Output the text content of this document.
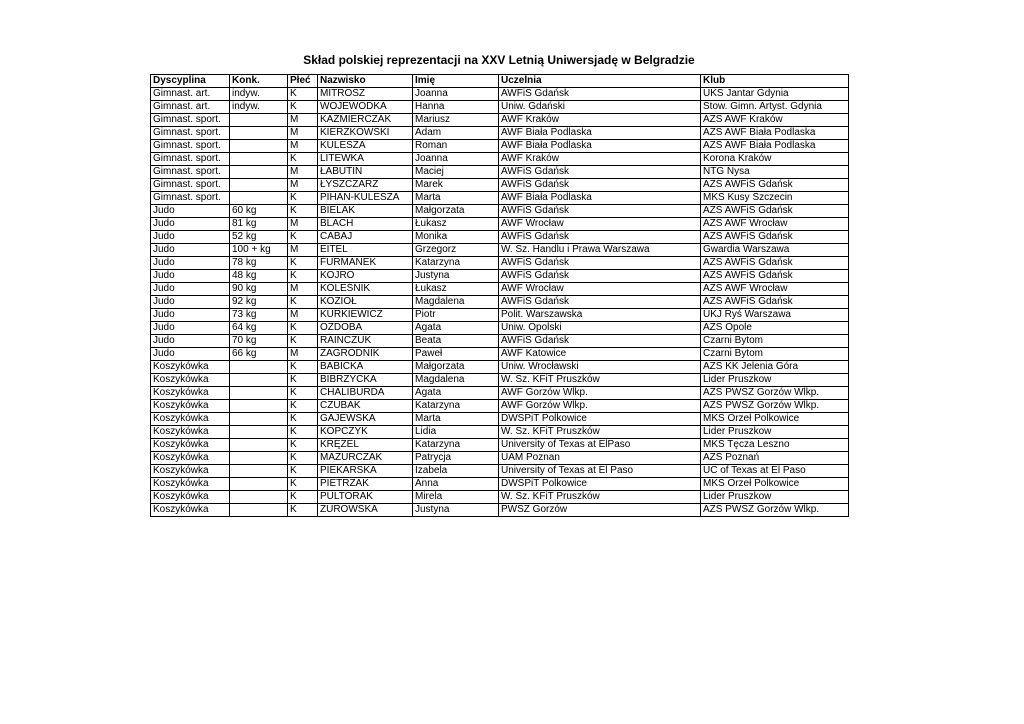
Skład polskiej reprezentacji na XXV Letnią Uniwersjadę w Belgradzie
Dyscyplina	Konk.	Płeć	Nazwisko	Imię	Uczelnia	Klub
Gimnast. art.	indyw.	K	MITROSZ	Joanna	AWFiS Gdańsk	UKS Jantar Gdynia
Gimnast. art.	indyw.	K	WOJEWÓDKA	Hanna	Uniw. Gdański	Stow. Gimn. Artyst. Gdynia
Gimnast. sport.		M	KAŹMIERCZAK	Mariusz	AWF Kraków	AZS AWF Kraków
Gimnast. sport.		M	KIERZKOWSKI	Adam	AWF Biała Podlaska	AZS AWF Biała Podlaska
Gimnast. sport.		M	KULESZA	Roman	AWF Biała Podlaska	AZS AWF Biała Podlaska
Gimnast. sport.		K	LITEWKA	Joanna	AWF Kraków	Korona Kraków
Gimnast. sport.		M	ŁABUTIN	Maciej	AWFiS Gdańsk	NTG Nysa
Gimnast. sport.		M	ŁYSZCZARZ	Marek	AWFiS Gdańsk	AZS AWFiS Gdańsk
Gimnast. sport.		K	PIHAN-KULESZA	Marta	AWF Biała Podlaska	MKS Kusy Szczecin
Judo	60 kg	K	BIELAK	Małgorzata	AWFiS Gdańsk	AZS AWFiS Gdańsk
Judo	81 kg	M	BLACH	Łukasz	AWF Wrocław	AZS AWF Wrocław
Judo	52 kg	K	CABAJ	Monika	AWFiS Gdańsk	AZS AWFiS Gdańsk
Judo	100 + kg	M	EITEL	Grzegorz	W. Sz. Handlu i Prawa Warszawa	Gwardia Warszawa
Judo	78 kg	K	FURMANEK	Katarzyna	AWFiS Gdańsk	AZS AWFiS Gdańsk
Judo	48 kg	K	KOJRO	Justyna	AWFiS Gdańsk	AZS AWFiS Gdańsk
Judo	90 kg	M	KOLEŚNIK	Łukasz	AWF Wrocław	AZS AWF Wrocław
Judo	92 kg	K	KOZIOŁ	Magdalena	AWFiS Gdańsk	AZS AWFiS Gdańsk
Judo	73 kg	M	KURKIEWICZ	Piotr	Polit. Warszawska	UKJ Ryś Warszawa
Judo	64 kg	K	OZDOBA	Agata	Uniw. Opolski	AZS Opole
Judo	70 kg	K	RAINCZUK	Beata	AWFiS Gdańsk	Czarni Bytom
Judo	66 kg	M	ZAGRODNIK	Paweł	AWF Katowice	Czarni Bytom
Koszykówka		K	BABICKA	Małgorzata	Uniw. Wrocławski	AZS KK Jelenia Góra
Koszykówka		K	BIBRZYCKA	Magdalena	W. Sz. KFiT Pruszków	Lider Pruszkow
Koszykówka		K	CHALIBURDA	Agata	AWF Gorzów Wlkp.	AZS PWSZ Gorzów Wlkp.
Koszykówka		K	CZUBAK	Katarzyna	AWF Gorzów Wlkp.	AZS PWSZ Gorzów Wlkp.
Koszykówka		K	GAJEWSKA	Marta	DWSPiT Polkowice	MKS Orzeł Polkowice
Koszykówka		K	KOPCZYK	Lidia	W. Sz. KFiT Pruszków	Lider Pruszkow
Koszykówka		K	KRĘŻEL	Katarzyna	University of Texas at ElPaso	MKS Tęcza Leszno
Koszykówka		K	MAZURCZAK	Patrycja	UAM Poznan	AZS Poznań
Koszykówka		K	PIEKARSKA	Izabela	University of Texas at El Paso	UC of Texas at El Paso
Koszykówka		K	PIETRZAK	Anna	DWSPiT Polkowice	MKS Orzeł Polkowice
Koszykówka		K	PULTORAK	Mirela	W. Sz. KFiT Pruszków	Lider Pruszkow
Koszykówka		K	ŻUROWSKA	Justyna	PWSZ Gorzów	AZS PWSZ Gorzów Wlkp.
